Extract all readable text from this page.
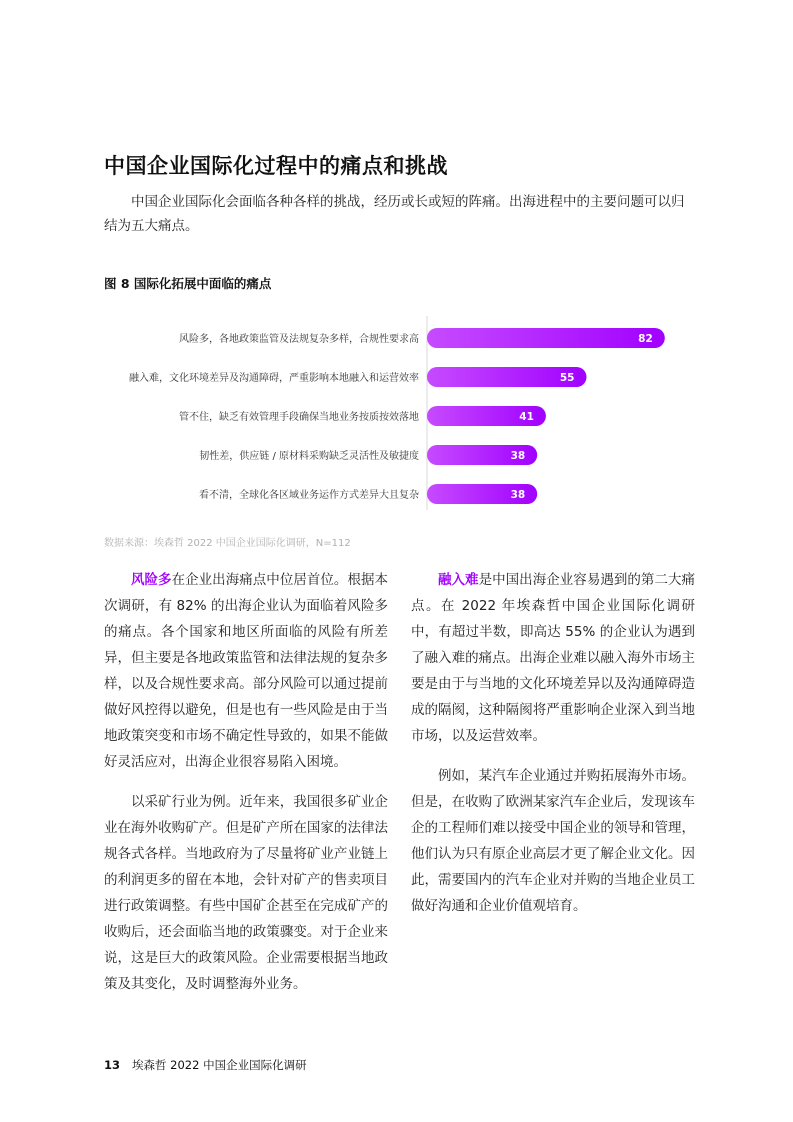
中国企业国际化过程中的痛点和挑战
中国企业国际化会面临各种各样的挑战，经历或长或短的阵痛。出海进程中的主要问题可以归结为五大痛点。
图 8 国际化拓展中面临的痛点
风险多，各地政策监管及法规复杂多样，合规性要求高	82
融入难，文化环境差异及沟通障碍，严重影响本地融入和运营效率	55
管不住，缺乏有效管理手段确保当地业务按质按效落地	41
韧性差，供应链 / 原材料采购缺乏灵活性及敏捷度	38
看不清，全球化各区域业务运作方式差异大且复杂	38
数据来源：埃森哲 2022 中国企业国际化调研，N=112

风险多在企业出海痛点中位居首位。根据本次调研，有 82% 的出海企业认为面临着风险多的痛点。各个国家和地区所面临的风险有所差异，但主要是各地政策监管和法律法规的复杂多样，以及合规性要求高。部分风险可以通过提前做好风控得以避免，但是也有一些风险是由于当地政策突变和市场不确定性导致的，如果不能做好灵活应对，出海企业很容易陷入困境。

以采矿行业为例。近年来，我国很多矿业企业在海外收购矿产。但是矿产所在国家的法律法规各式各样。当地政府为了尽量将矿业产业链上的利润更多的留在本地，会针对矿产的售卖项目进行政策调整。有些中国矿企甚至在完成矿产的收购后，还会面临当地的政策骤变。对于企业来说，这是巨大的政策风险。企业需要根据当地政策及其变化，及时调整海外业务。

融入难是中国出海企业容易遇到的第二大痛点。在 2022 年埃森哲中国企业国际化调研中，有超过半数，即高达 55% 的企业认为遇到了融入难的痛点。出海企业难以融入海外市场主要是由于与当地的文化环境差异以及沟通障碍造成的隔阂，这种隔阂将严重影响企业深入到当地市场，以及运营效率。

例如，某汽车企业通过并购拓展海外市场。但是，在收购了欧洲某家汽车企业后，发现该车企的工程师们难以接受中国企业的领导和管理，他们认为只有原企业高层才更了解企业文化。因此，需要国内的汽车企业对并购的当地企业员工做好沟通和企业价值观培育。

13 埃森哲 2022 中国企业国际化调研
